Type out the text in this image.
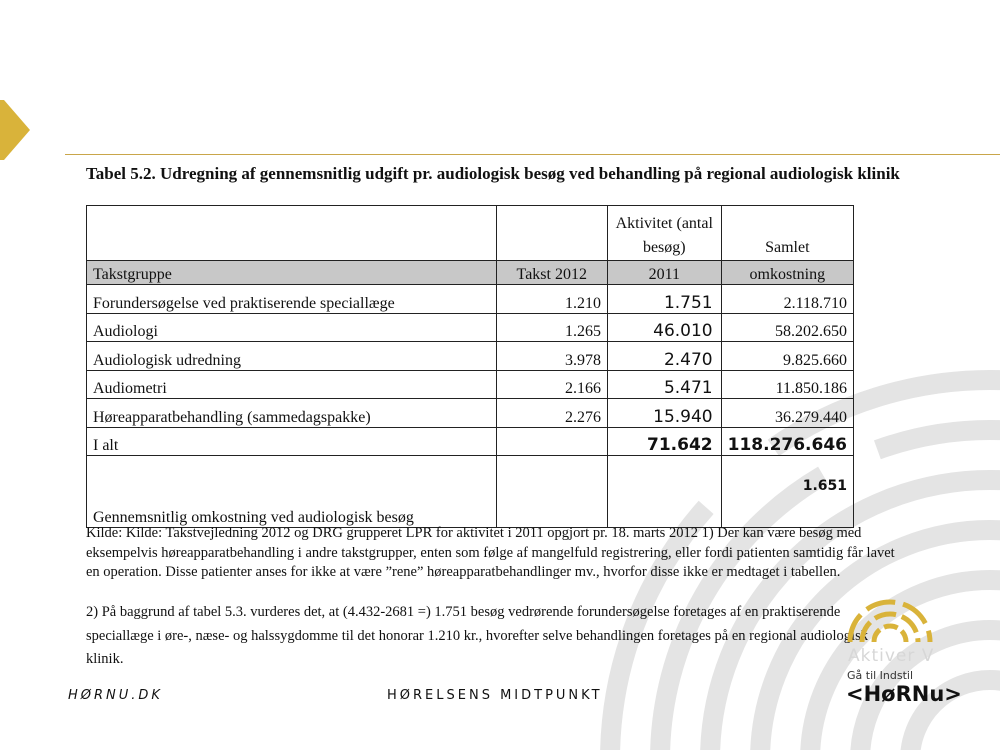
Tabel 5.2. Udregning af gennemsnitlig udgift pr. audiologisk besøg ved behandling på regional audiologisk klinik
		Aktivitet (antal besøg)	Samlet
Takstgruppe	Takst 2012	2011	omkostning
Forundersøgelse ved praktiserende speciallæge	1.210	1.751	2.118.710
Audiologi	1.265	46.010	58.202.650
Audiologisk udredning	3.978	2.470	9.825.660
Audiometri	2.166	5.471	11.850.186
Høreapparatbehandling (sammedagspakke)	2.276	15.940	36.279.440
I alt		71.642	118.276.646
Gennemsnitlig omkostning ved audiologisk besøg			1.651
Kilde: Kilde: Takstvejledning 2012 og DRG grupperet LPR for aktivitet i 2011 opgjort pr. 18. marts 2012 1) Der kan være besøg med eksempelvis høreapparatbehandling i andre takstgrupper, enten som følge af mangelfuld registrering, eller fordi patienten samtidig får lavet en operation. Disse patienter anses for ikke at være ”rene” høreapparatbehandlinger mv., hvorfor disse ikke er medtaget i tabellen.
2) På baggrund af tabel 5.3. vurderes det, at (4.432-2681 =) 1.751 besøg vedrørende forundersøgelse foretages af en praktiserende speciallæge i øre-, næse- og halssygdomme til det honorar 1.210 kr., hvorefter selve behandlingen foretages på en regional audiologisk klinik.
HØRNU.DK	HØRELSENS MIDTPUNKT
Aktiver V
Gå til Indstil
<HøRNu>
